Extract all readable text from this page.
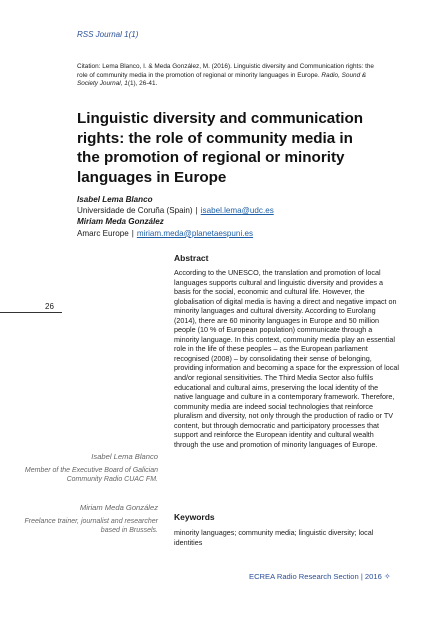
RSS Journal 1(1)
Citation: Lema Blanco, I. & Meda González, M. (2016). Linguistic diversity and Communication rights: the role of community media in the promotion of regional or minority languages in Europe. Radio, Sound & Society Journal, 1(1), 26-41.
Linguistic diversity and communication rights: the role of community media in the promotion of regional or minority languages in Europe
Isabel Lema Blanco
Universidade de Coruña (Spain) | isabel.lema@udc.es
Miriam Meda González
Amarc Europe | miriam.meda@planetaespuni.es
26
Isabel Lema Blanco
Member of the Executive Board of Galician Community Radio CUAC FM.
Miriam Meda González
Freelance trainer, journalist and researcher based in Brussels.
Abstract

According to the UNESCO, the translation and promotion of local languages supports cultural and linguistic diversity and provides a basis for the social, economic and cultural life. However, the globalisation of digital media is having a direct and negative impact on minority languages and cultural diversity. According to Eurolang (2014), there are 60 minority languages in Europe and 50 million people (10 % of European population) communicate through a minority language. In this context, community media play an essential role in the life of these peoples – as the European parliament recognised (2008) – by consolidating their sense of belonging, providing information and becoming a space for the expression of local and/or regional sensitivities. The Third Media Sector also fulfils educational and cultural aims, preserving the local identity of the native language and culture in a contemporary framework. Therefore, community media are indeed social technologies that reinforce pluralism and diversity, not only through the production of radio or TV content, but through democratic and participatory processes that support and reinforce the European identity and cultural wealth through the use and promotion of minority languages of Europe.

Keywords

minority languages; community media; linguistic diversity; local identities

ECREA Radio Research Section | 2016 ✧
